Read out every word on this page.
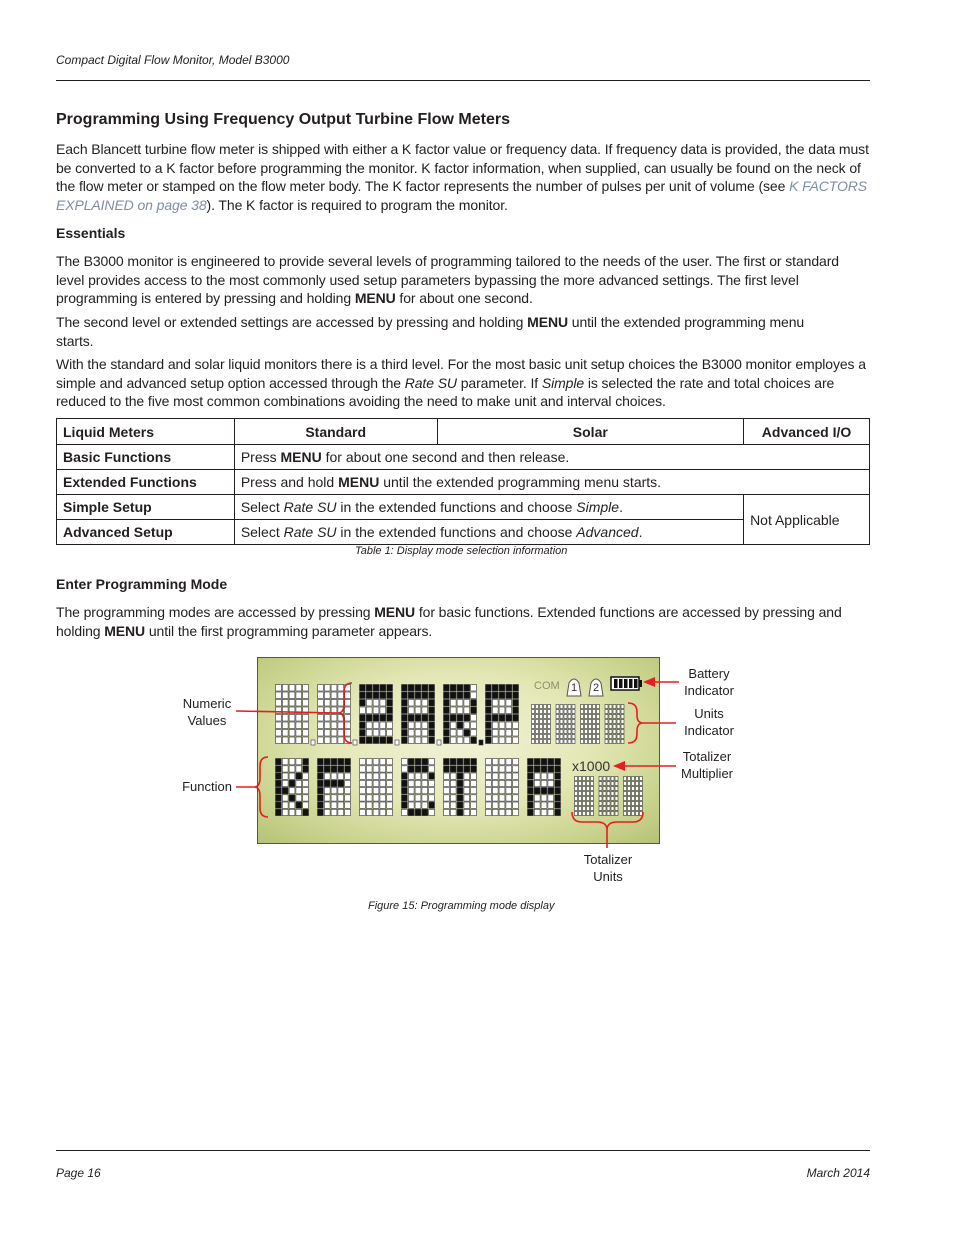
Compact Digital Flow Monitor, Model B3000
Programming Using Frequency Output Turbine Flow Meters

Each Blancett turbine flow meter is shipped with either a K factor value or frequency data. If frequency data is provided, the data must be converted to a K factor before programming the monitor. K factor information, when supplied, can usually be found on the neck of the flow meter or stamped on the flow meter body. The K factor represents the number of pulses per unit of volume (see K FACTORS EXPLAINED on page 38). The K factor is required to program the monitor.

Essentials

The B3000 monitor is engineered to provide several levels of programming tailored to the needs of the user. The first or standard level provides access to the most commonly used setup parameters bypassing the more advanced settings. The first level programming is entered by pressing and holding MENU for about one second.

The second level or extended settings are accessed by pressing and holding MENU until the extended programming menu starts.

With the standard and solar liquid monitors there is a third level. For the most basic unit setup choices the B3000 monitor employes a simple and advanced setup option accessed through the Rate SU parameter. If Simple is selected the rate and total choices are reduced to the five most common combinations avoiding the need to make unit and interval choices.

Liquid Meters	Standard	Solar	Advanced I/O
Basic Functions	Press MENU for about one second and then release.		
Extended Functions	Press and hold MENU until the extended programming menu starts.		
Simple Setup	Select Rate SU in the extended functions and choose Simple.		Not Applicable
Advanced Setup	Select Rate SU in the extended functions and choose Advanced.		
Table 1: Display mode selection information
Enter Programming Mode

The programming modes are accessed by pressing MENU for basic functions. Extended functions are accessed by pressing and holding MENU until the first programming parameter appears.

COM 1 2
x1000
Battery
Indicator
Units
Indicator
Totalizer
Multiplier
Numeric
Values
Function
Totalizer
Units
Figure 15: Programming mode display
Page 16	March 2014
